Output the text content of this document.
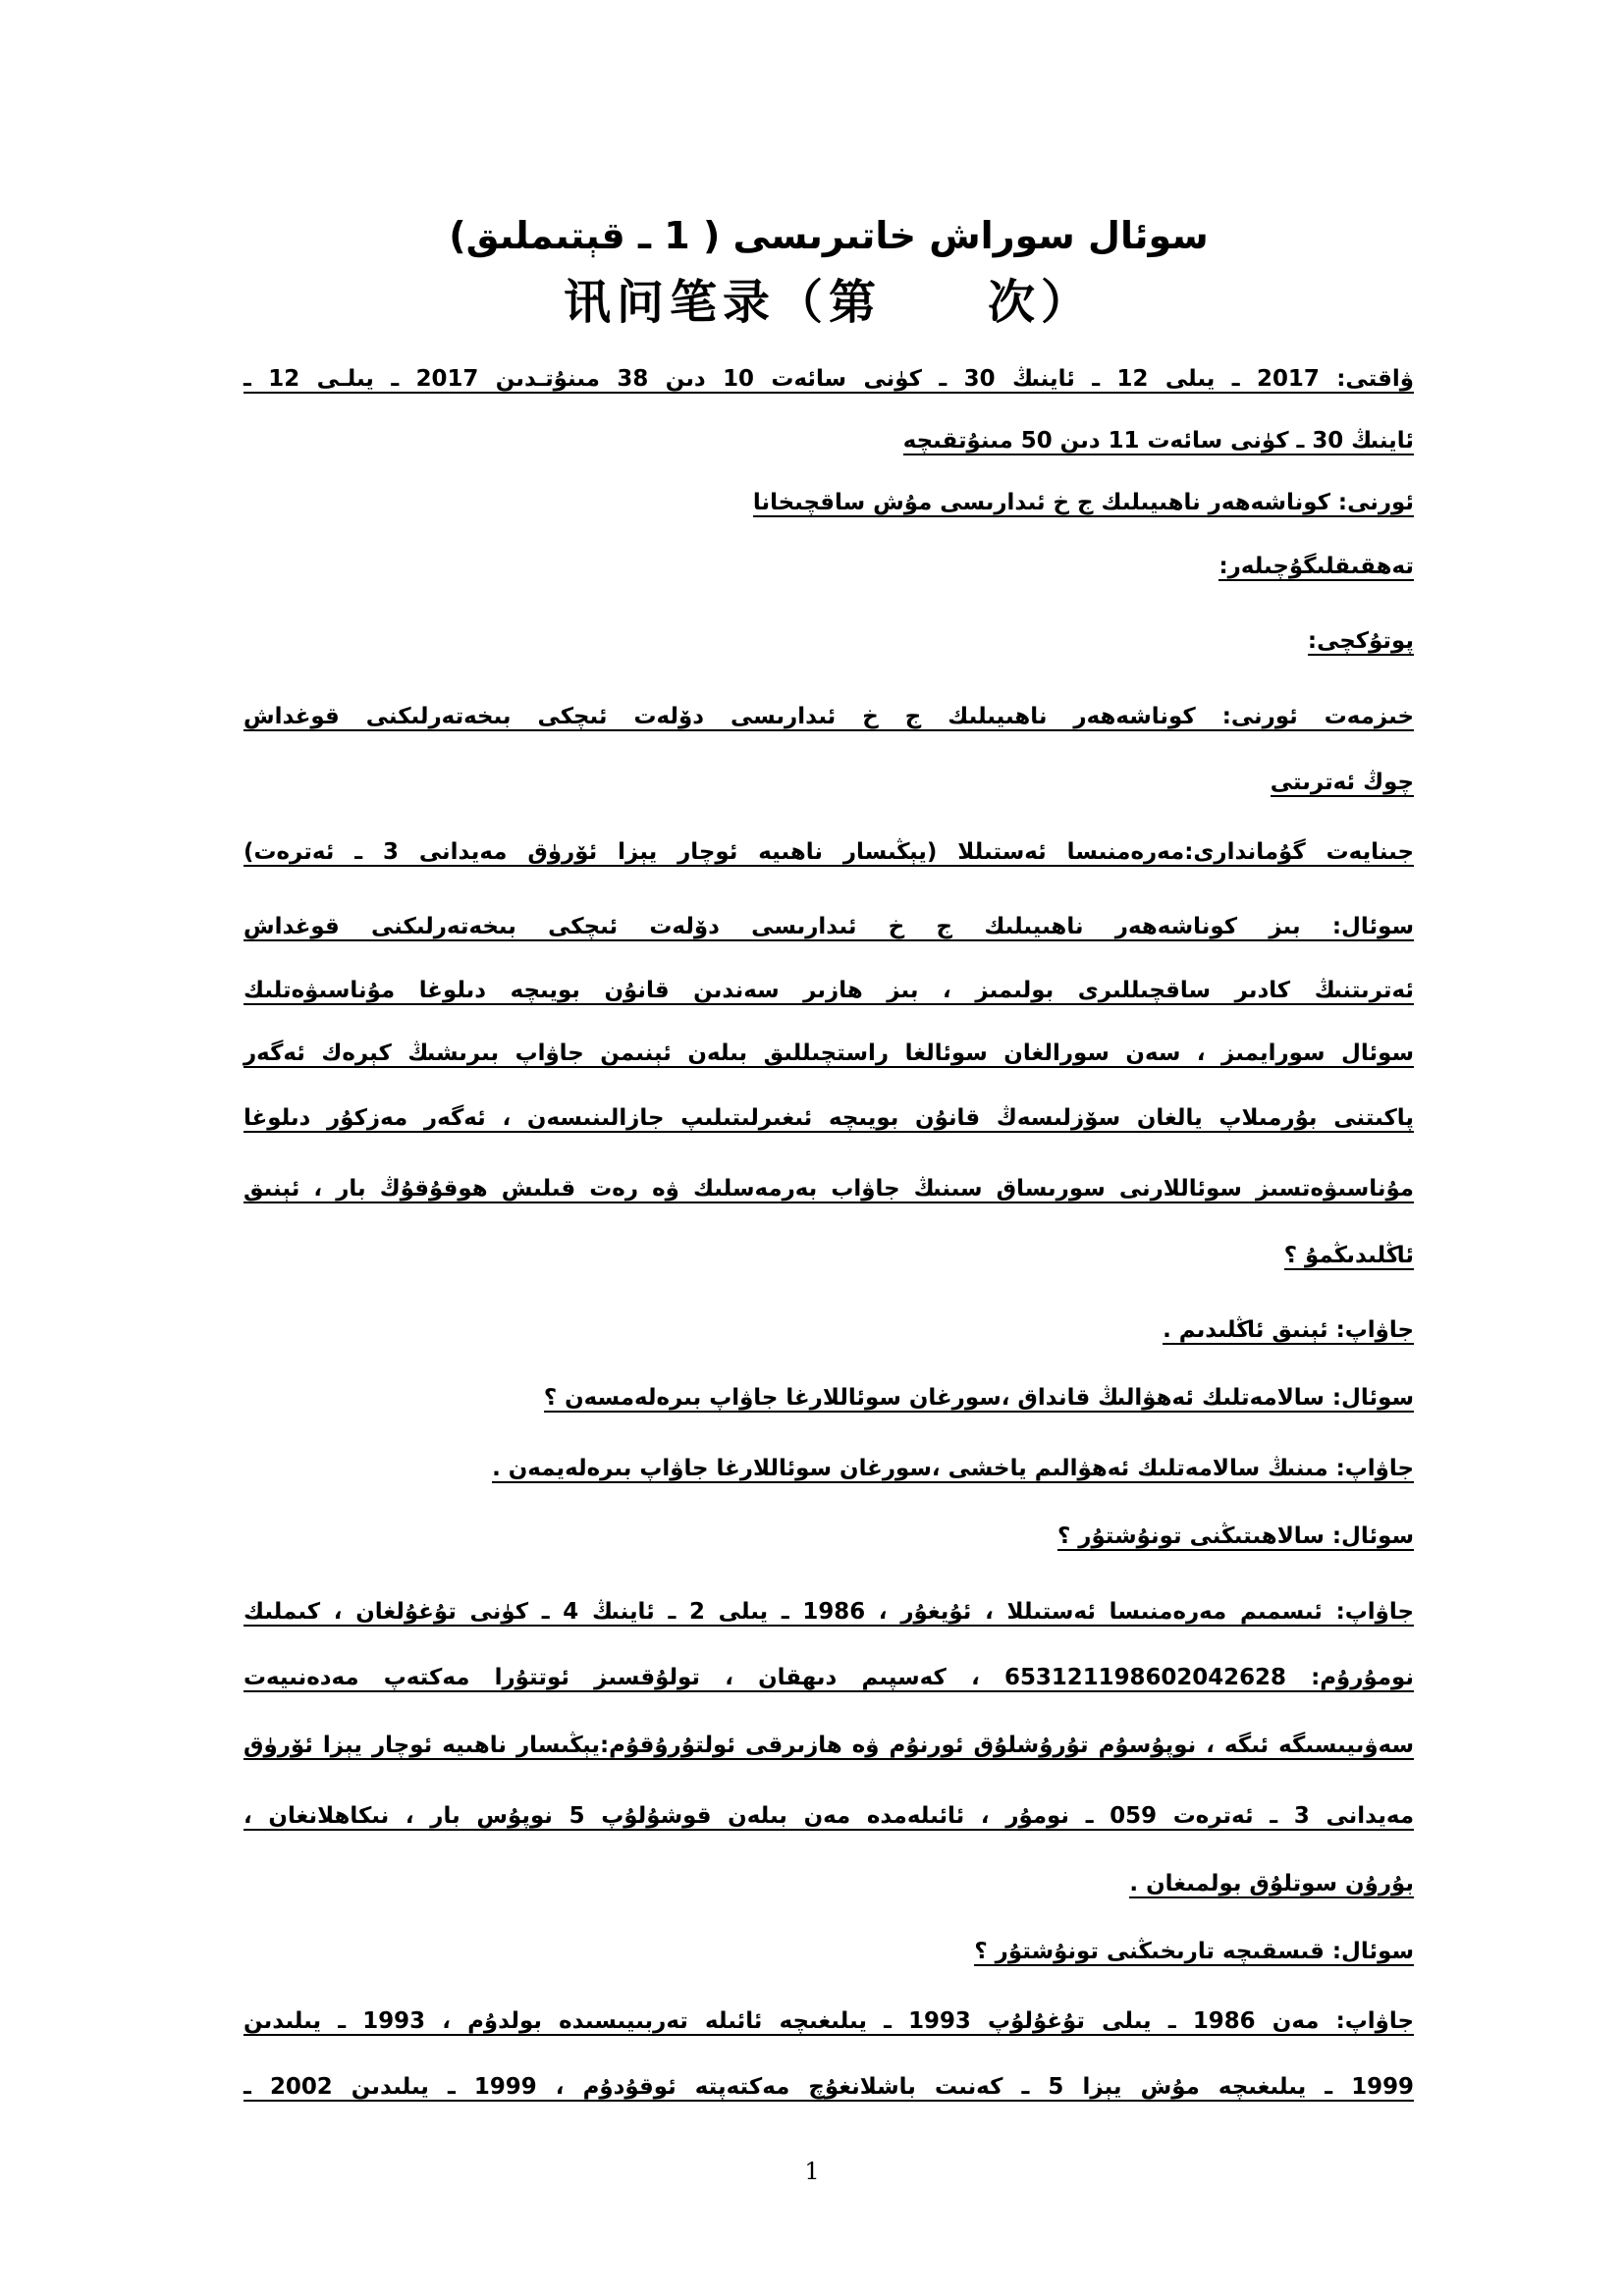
سوئال سوراش خاتىرىسى ( 1 ـ قېتىملىق)
讯问笔录（第　　次）
ۋاقتى: 2017 ـ يىلى 12 ـ ئاينىڭ 30 ـ كۈنى سائەت 10 دىن 38 مىنۇتـدىن 2017 ـ يىلـى 12 ـ
ئاينىڭ 30 ـ كۈنى سائەت 11 دىن 50 مىنۇتقىچە
ئورنى: كوناشەھەر ناھىيىلىك ج خ ئىدارىسى مۇش ساقچىخانا
تەھقىقلىگۇچىلەر:
پوتۇكچى:
خىزمەت ئورنى: كوناشەھەر ناھىيىلىك ج خ ئىدارىسى دۆلەت ئىچكى بىخەتەرلىكنى قوغداش
چوڭ ئەترىتى
جىنايەت گۇماندارى:مەرەمنىسا ئەستىللا (يېڭىسار ناھىيە ئوچار يېزا ئۆرۈق مەيدانى 3 ـ ئەترەت)
سوئال: بىز كوناشەھەر ناھىيىلىك ج خ ئىدارىسى دۆلەت ئىچكى بىخەتەرلىكنى قوغداش
ئەترىتنىڭ كادىر ساقچىللىرى بولىمىز ، بىز ھازىر سەندىن قانۇن بويىچە دىلوغا مۇناسىۋەتلىك
سوئال سورايمىز ، سەن سورالغان سوئالغا راستچىللىق بىلەن ئېنىمن جاۋاپ بىرىشىڭ كېرەك ئەگەر
پاكىتنى بۇرمىلاپ يالغان سۆزلىسەڭ قانۇن بويىچە ئىغىرلىتىلىپ جازالىنىسەن ، ئەگەر مەزكۇر دىلوغا
مۇناسىۋەتسىز سوئاللارنى سورىساق سىنىڭ جاۋاب بەرمەسلىك ۋە رەت قىلىش ھوقۇقۇڭ بار ، ئېنىق
ئاڭلىدىڭمۇ ؟
جاۋاپ: ئېنىق ئاڭلىدىم .
سوئال: سالامەتلىك ئەھۋالىڭ قانداق ،سورغان سوئاللارغا جاۋاپ بىرەلەمسەن ؟
جاۋاپ: مىنىڭ سالامەتلىك ئەھۋالىم ياخشى ،سورغان سوئاللارغا جاۋاپ بىرەلەيمەن .
سوئال: سالاھىتىڭنى تونۇشتۇر ؟
جاۋاپ: ئىسمىم مەرەمنىسا ئەستىللا ، ئۇيغۇر ، 1986 ـ يىلى 2 ـ ئاينىڭ 4 ـ كۈنى تۇغۇلغان ، كىملىك
نومۇرۇم: 653121198602042628 ، كەسپىم دىھقان ، تولۇقسىز ئوتتۇرا مەكتەپ مەدەنىيەت
سەۋىيىسىگە ئىگە ، نوپۇسۇم تۇرۇشلۇق ئورنۇم ۋە ھازىرقى ئولتۇرۇقۇم:يېڭىسار ناھىيە ئوچار يېزا ئۆرۈق
مەيدانى 3 ـ ئەترەت 059 ـ نومۇر ، ئائىلەمدە مەن بىلەن قوشۇلۇپ 5 نوپۇس بار ، نىكاھلانغان ،
بۇرۇن سوتلۇق بولمىغان .
سوئال: قىسقىچە تارىخىڭنى تونۇشتۇر ؟
جاۋاپ: مەن 1986 ـ يىلى تۇغۇلۇپ 1993 ـ يىلىغىچە ئائىلە تەربىيىسىدە بولدۇم ، 1993 ـ يىلىدىن
1999 ـ يىلىغىچە مۇش يېزا 5 ـ كەنىت باشلانغۇچ مەكتەپتە ئوقۇدۇم ، 1999 ـ يىلىدىن 2002 ـ
1
